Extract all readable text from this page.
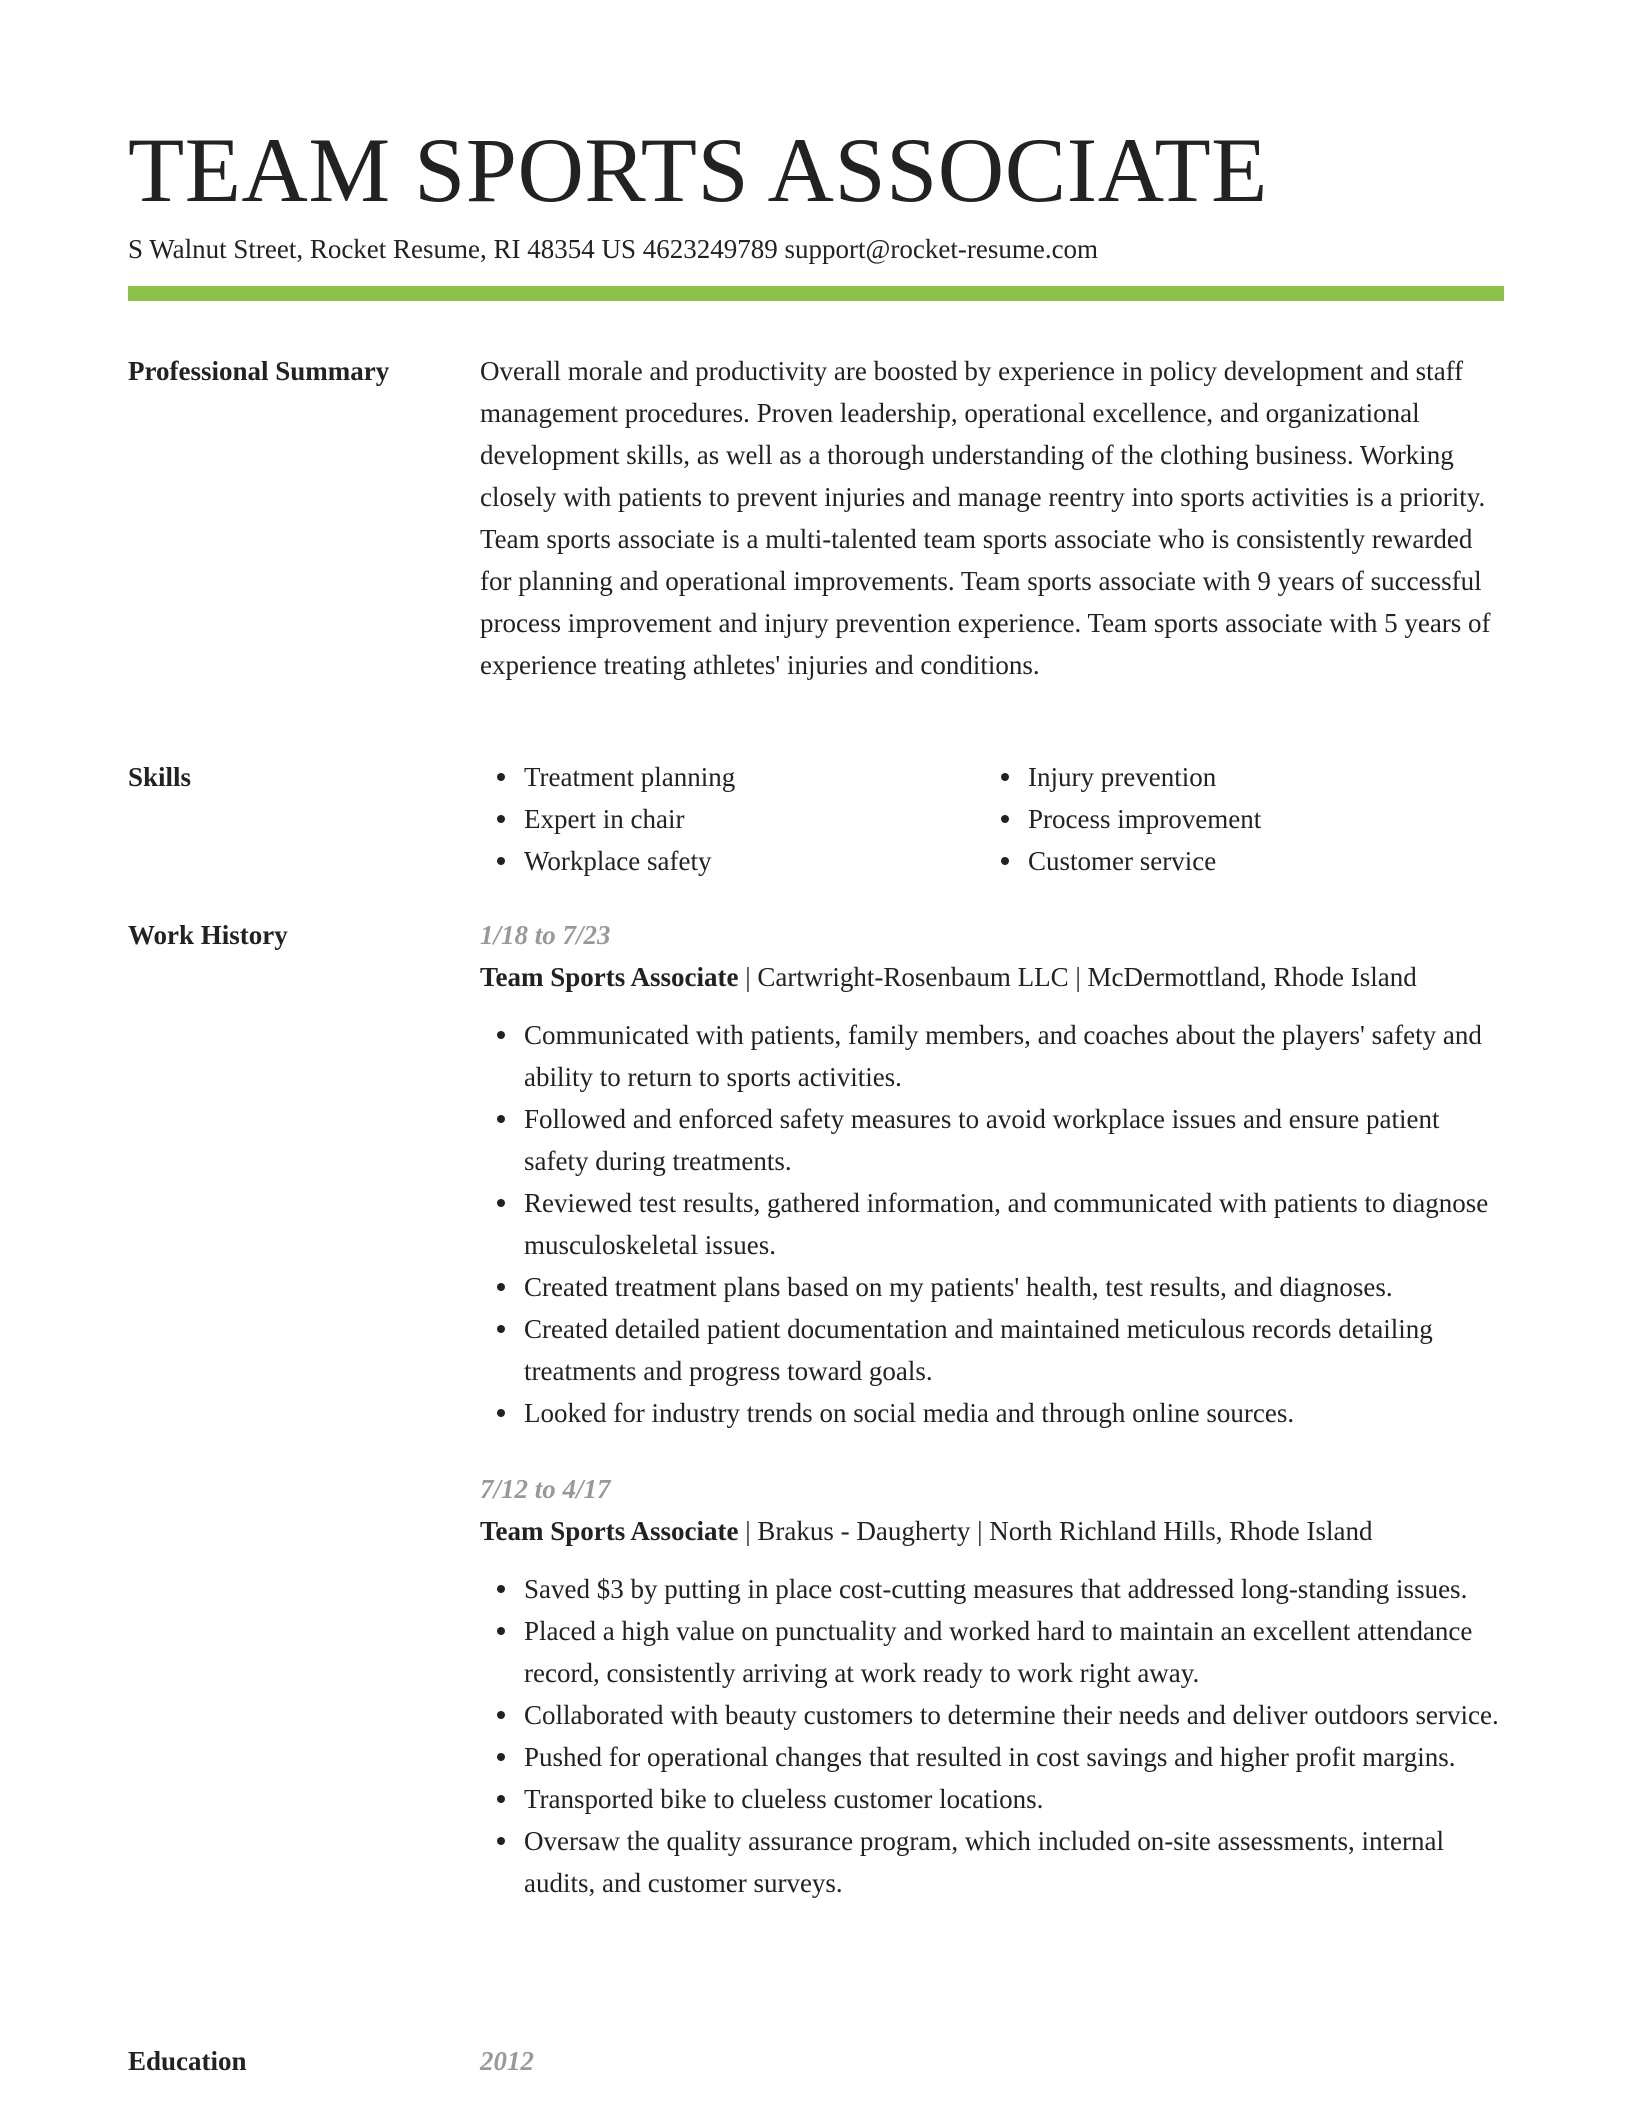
TEAM SPORTS ASSOCIATE
S Walnut Street, Rocket Resume, RI 48354 US 4623249789 support@rocket-resume.com
Professional Summary	Overall morale and productivity are boosted by experience in policy development and staff management procedures. Proven leadership, operational excellence, and organizational development skills, as well as a thorough understanding of the clothing business. Working closely with patients to prevent injuries and manage reentry into sports activities is a priority. Team sports associate is a multi-talented team sports associate who is consistently rewarded for planning and operational improvements. Team sports associate with 9 years of successful process improvement and injury prevention experience. Team sports associate with 5 years of experience treating athletes' injuries and conditions.

Skills	Treatment planning
Expert in chair
Workplace safety
Injury prevention
Process improvement
Customer service
Work History	1/18 to 7/23
Team Sports Associate | Cartwright-Rosenbaum LLC | McDermottland, Rhode Island
Communicated with patients, family members, and coaches about the players' safety and ability to return to sports activities.
Followed and enforced safety measures to avoid workplace issues and ensure patient safety during treatments.
Reviewed test results, gathered information, and communicated with patients to diagnose musculoskeletal issues.
Created treatment plans based on my patients' health, test results, and diagnoses.
Created detailed patient documentation and maintained meticulous records detailing treatments and progress toward goals.
Looked for industry trends on social media and through online sources.
7/12 to 4/17
Team Sports Associate | Brakus - Daugherty | North Richland Hills, Rhode Island
Saved $3 by putting in place cost-cutting measures that addressed long-standing issues.
Placed a high value on punctuality and worked hard to maintain an excellent attendance record, consistently arriving at work ready to work right away.
Collaborated with beauty customers to determine their needs and deliver outdoors service.
Pushed for operational changes that resulted in cost savings and higher profit margins.
Transported bike to clueless customer locations.
Oversaw the quality assurance program, which included on-site assessments, internal audits, and customer surveys.
Education	2012
